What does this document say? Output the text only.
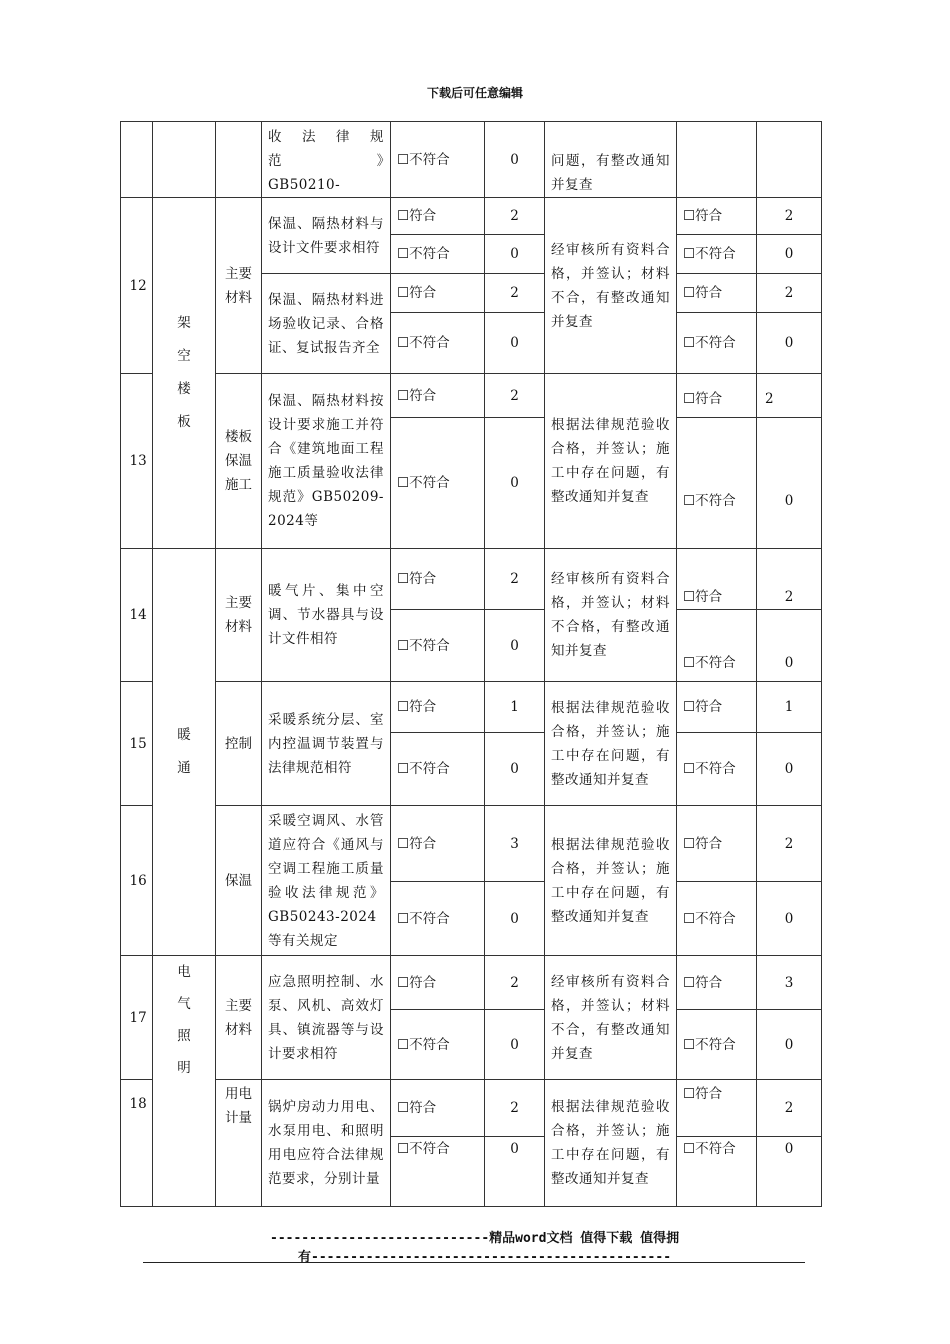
下载后可任意编辑
			收　法　律　规　范　》　GB50210-	☐不符合	0	问题，有整改通知并复查		

12	架空楼板	主要材料	保温、隔热材料与设计文件要求相符	☐符合	2	经审核所有资料合格，并签认；材料不合，有整改通知并复查	☐符合	2
				☐不符合	0		☐不符合	0
			保温、隔热材料进场验收记录、合格证、复试报告齐全	☐符合	2		☐符合	2
				☐不符合	0		☐不符合	0

13		楼板保温施工	保温、隔热材料按设计要求施工并符合《建筑地面工程施工质量验收法律规范》GB50209-2024等	☐符合	2	根据法律规范验收合格，并签认；施工中存在问题，有整改通知并复查	☐符合	2
				☐不符合	0		☐不符合	0

14	暖通	主要材料	暖气片、集中空调、节水器具与设计文件相符	☐符合	2	经审核所有资料合格，并签认；材料不合格，有整改通知并复查	☐符合	2
				☐不符合	0		☐不符合	0

15		控制	采暖系统分层、室内控温调节装置与法律规范相符	☐符合	1	根据法律规范验收合格，并签认；施工中存在问题，有整改通知并复查	☐符合	1
				☐不符合	0		☐不符合	0

16		保温	采暖空调风、水管道应符合《通风与空调工程施工质量验收法律规范》GB50243-2024等有关规定	☐符合	3	根据法律规范验收合格，并签认；施工中存在问题，有整改通知并复查	☐符合	2
				☐不符合	0		☐不符合	0

17	电气照明	主要材料	应急照明控制、水泵、风机、高效灯具、镇流器等与设计要求相符	☐符合	2	经审核所有资料合格，并签认；材料不合，有整改通知并复查	☐符合	3
				☐不符合	0		☐不符合	0

18		用电计量	锅炉房动力用电、水泵用电、和照明用电应符合法律规范要求，分别计量	☐符合	2	根据法律规范验收合格，并签认；施工中存在问题，有整改通知并复查	☐符合	2
				☐不符合	0		☐不符合	0
----------------------------精品word文档 值得下载 值得拥
有----------------------------------------------
